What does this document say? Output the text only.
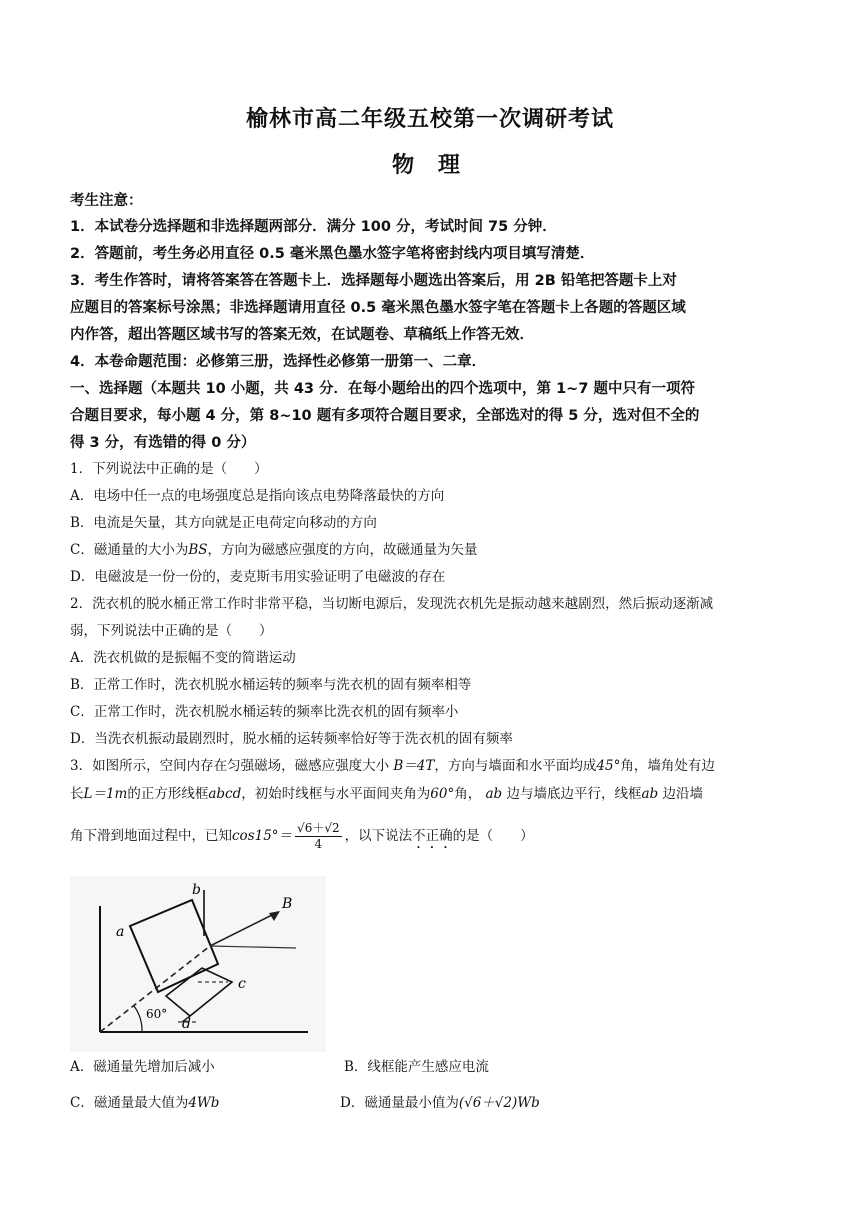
榆林市高二年级五校第一次调研考试
物 理
考生注意：
1．本试卷分选择题和非选择题两部分．满分 100 分，考试时间 75 分钟．
2．答题前，考生务必用直径 0.5 毫米黑色墨水签字笔将密封线内项目填写清楚．
3．考生作答时，请将答案答在答题卡上．选择题每小题选出答案后，用 2B 铅笔把答题卡上对
应题目的答案标号涂黑；非选择题请用直径 0.5 毫米黑色墨水签字笔在答题卡上各题的答题区域
内作答，超出答题区域书写的答案无效，在试题卷、草稿纸上作答无效．
4．本卷命题范围：必修第三册，选择性必修第一册第一、二章．
一、选择题（本题共 10 小题，共 43 分．在每小题给出的四个选项中，第 1~7 题中只有一项符
合题目要求，每小题 4 分，第 8~10 题有多项符合题目要求，全部选对的得 5 分，选对但不全的
得 3 分，有选错的得 0 分）
1．下列说法中正确的是（　　）
A．电场中任一点的电场强度总是指向该点电势降落最快的方向
B．电流是矢量，其方向就是正电荷定向移动的方向
C．磁通量的大小为BS，方向为磁感应强度的方向，故磁通量为矢量
D．电磁波是一份一份的，麦克斯韦用实验证明了电磁波的存在
2．洗衣机的脱水桶正常工作时非常平稳，当切断电源后，发现洗衣机先是振动越来越剧烈，然后振动逐渐减
弱，下列说法中正确的是（　　）
A．洗衣机做的是振幅不变的简谐运动
B．正常工作时，洗衣机脱水桶运转的频率与洗衣机的固有频率相等
C．正常工作时，洗衣机脱水桶运转的频率比洗衣机的固有频率小
D．当洗衣机振动最剧烈时，脱水桶的运转频率恰好等于洗衣机的固有频率
3．如图所示，空间内存在匀强磁场，磁感应强度大小 B＝4T，方向与墙面和水平面均成45°角，墙角处有边
长L＝1m的正方形线框abcd，初始时线框与水平面间夹角为60°角， ab 边与墙底边平行，线框ab 边沿墙
角下滑到地面过程中，已知$\cos 15^\circ= \frac{√6+√2}{4}$ ，以下说法不正确的是（　　）
a
b
c
d
B
60°
A．磁通量先增加后减小	B．线框能产生感应电流
C．磁通量最大值为4Wb	D．磁通量最小值为(√6＋√2)Wb
